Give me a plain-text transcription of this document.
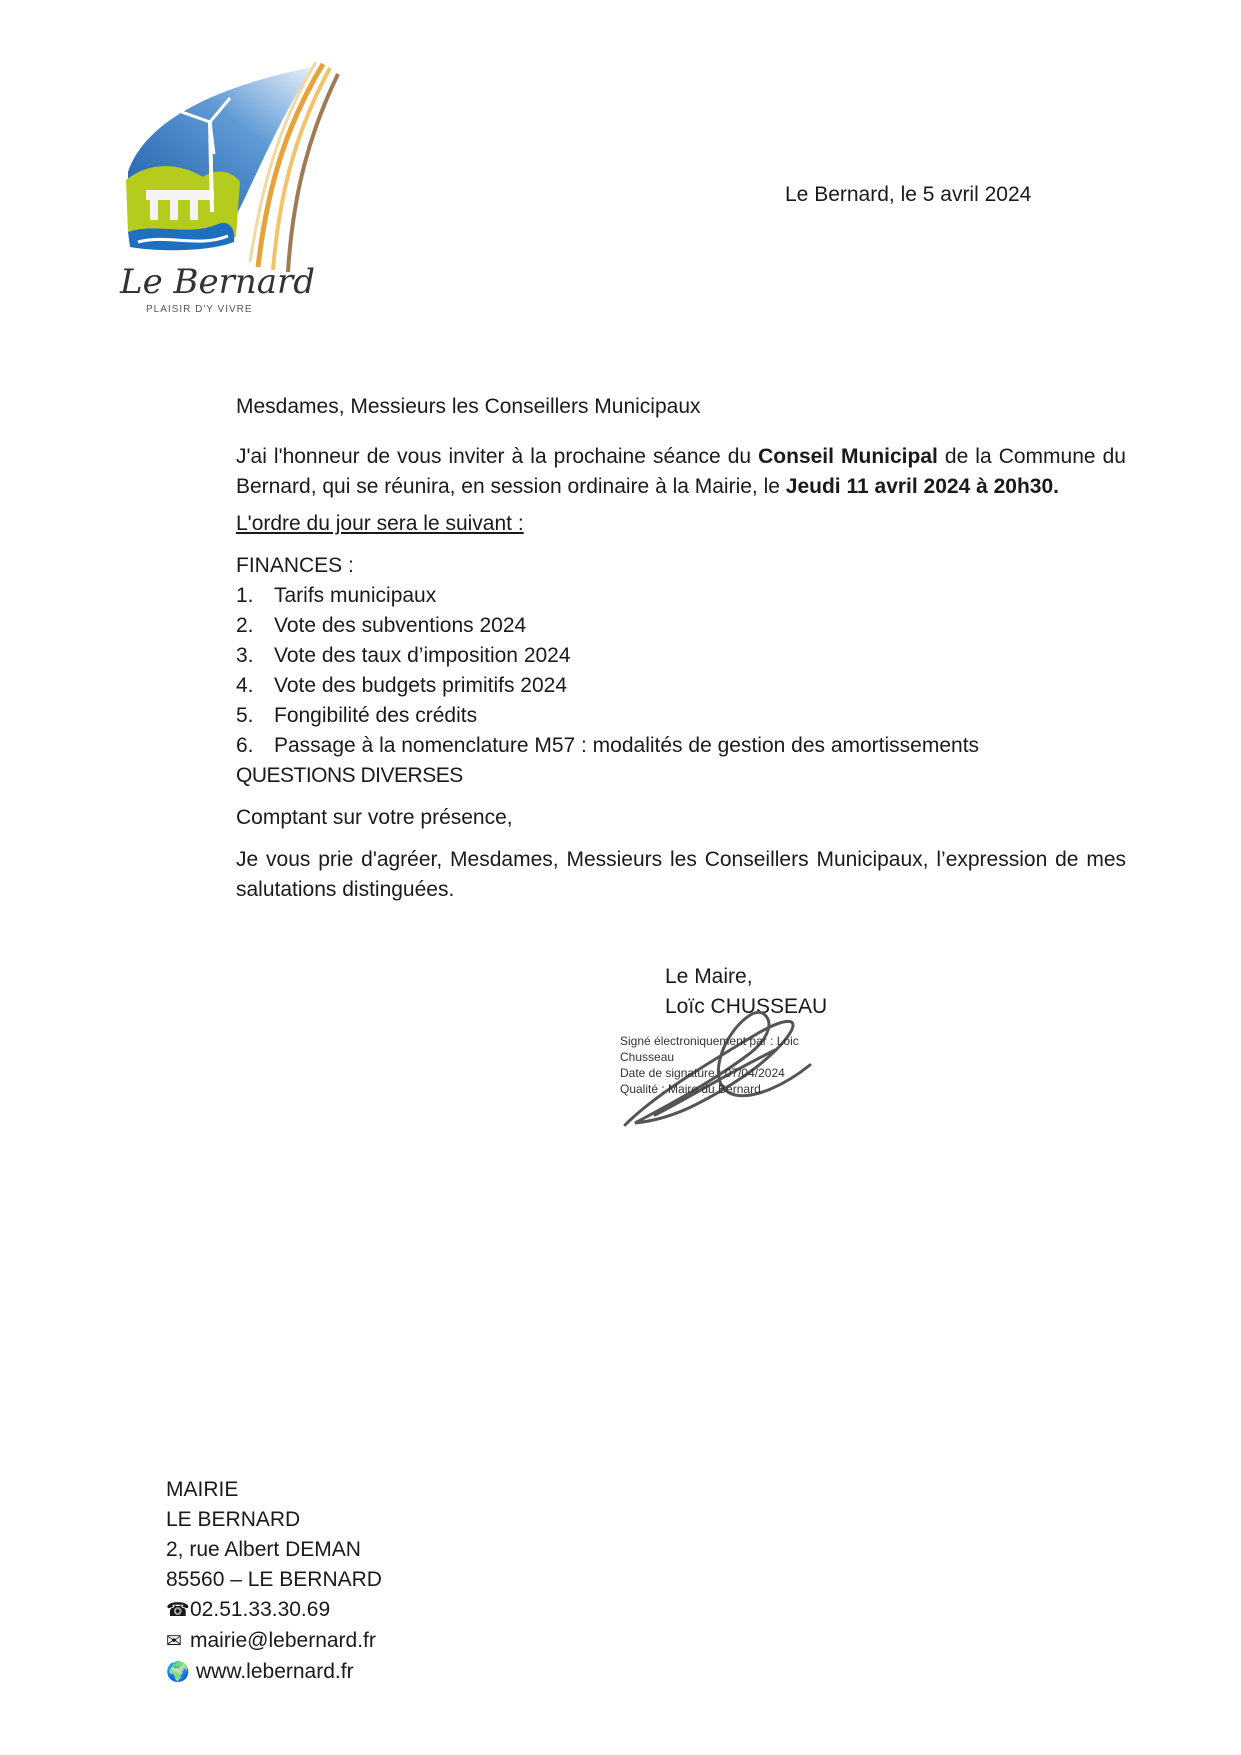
Le Bernard
PLAISIR D'Y VIVRE
Le Bernard, le 5 avril 2024

Mesdames, Messieurs les Conseillers Municipaux

J'ai l'honneur de vous inviter à la prochaine séance du Conseil Municipal de la Commune du Bernard, qui se réunira, en session ordinaire à la Mairie, le Jeudi 11 avril 2024 à 20h30.

L'ordre du jour sera le suivant :

FINANCES :

1. Tarifs municipaux
2. Vote des subventions 2024
3. Vote des taux d’imposition 2024
4. Vote des budgets primitifs 2024
5. Fongibilité des crédits
6. Passage à la nomenclature M57 : modalités de gestion des amortissements

QUESTIONS DIVERSES

Comptant sur votre présence,

Je vous prie d'agréer, Mesdames, Messieurs les Conseillers Municipaux, l’expression de mes salutations distinguées.

Le Maire,
Loïc CHUSSEAU
Signé électroniquement par : Loic
Chusseau
Date de signature : 07/04/2024
Qualité : Maire du Bernard
MAIRIE
LE BERNARD
2, rue Albert DEMAN
85560 – LE BERNARD
☎02.51.33.30.69
✉ mairie@lebernard.fr
🌍 www.lebernard.fr
